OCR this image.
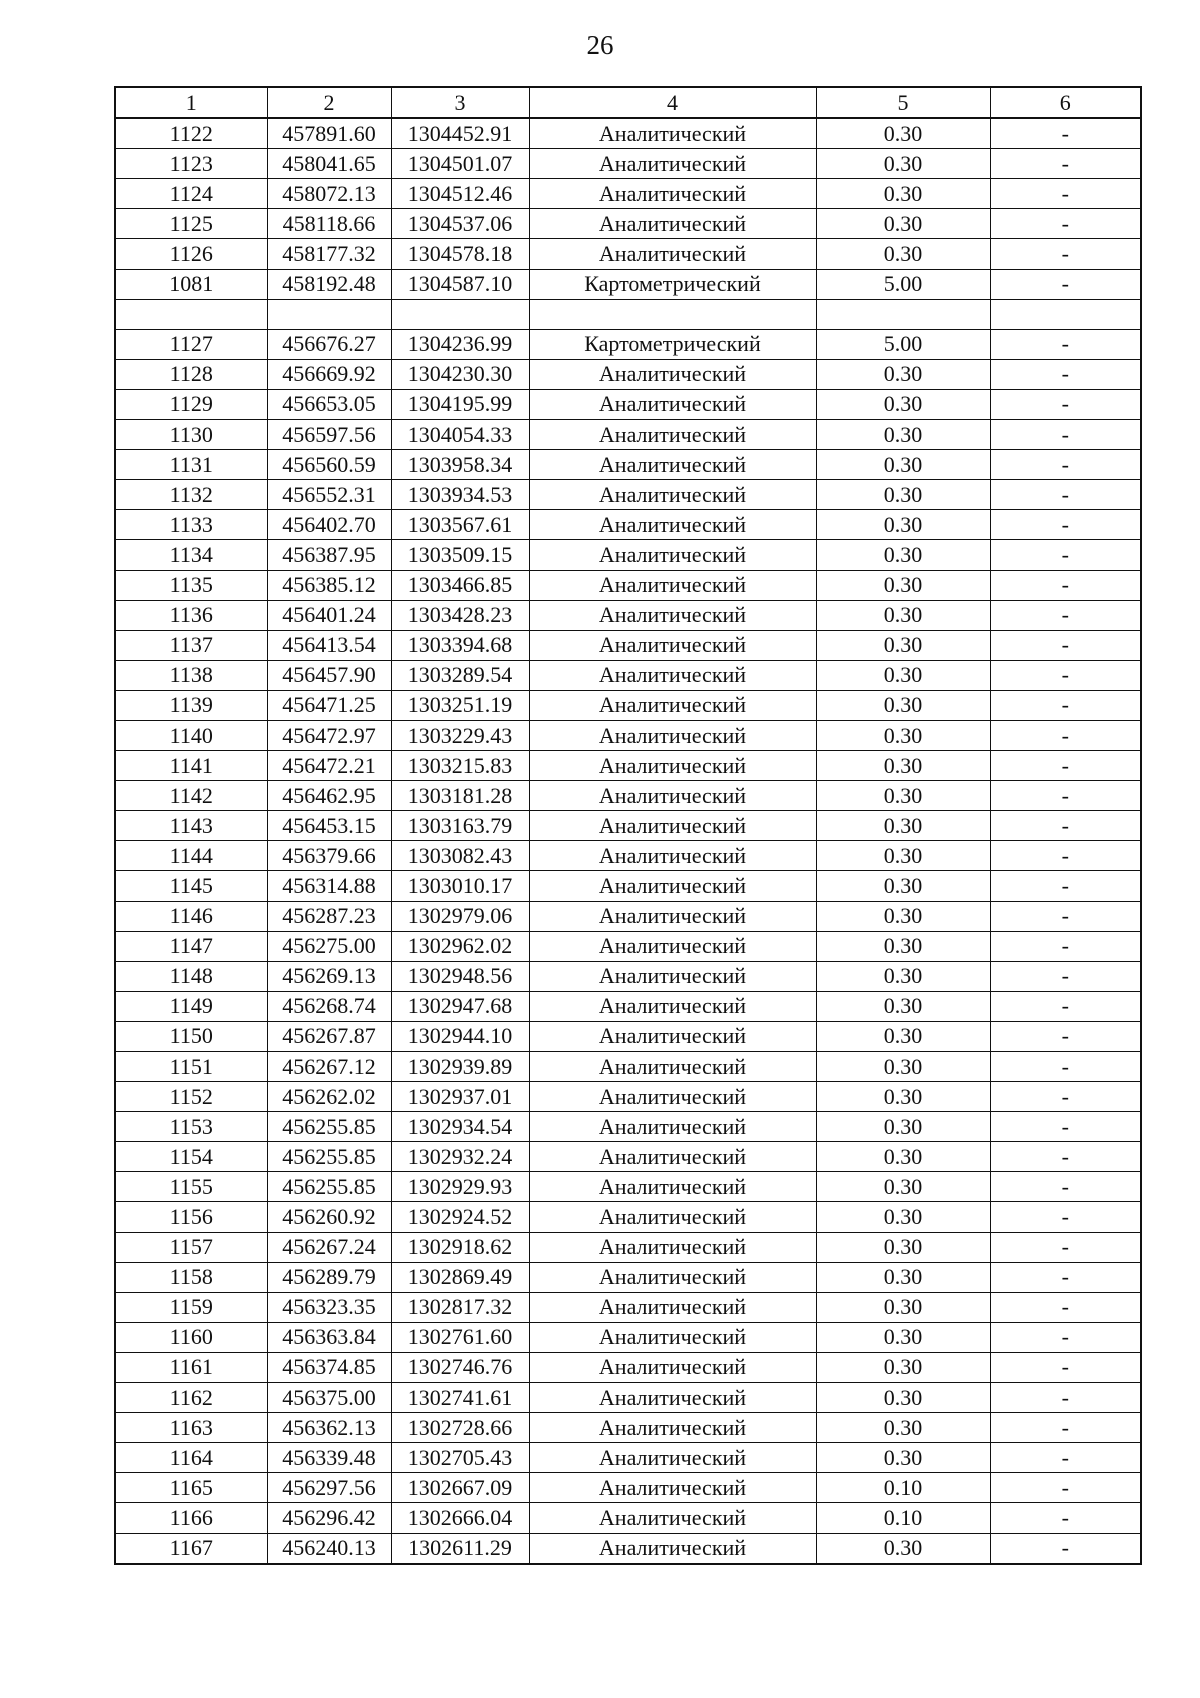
26
1	2	3	4	5	6
1122	457891.60	1304452.91	Аналитический	0.30	-
1123	458041.65	1304501.07	Аналитический	0.30	-
1124	458072.13	1304512.46	Аналитический	0.30	-
1125	458118.66	1304537.06	Аналитический	0.30	-
1126	458177.32	1304578.18	Аналитический	0.30	-
1081	458192.48	1304587.10	Картометрический	5.00	-

1127	456676.27	1304236.99	Картометрический	5.00	-
1128	456669.92	1304230.30	Аналитический	0.30	-
1129	456653.05	1304195.99	Аналитический	0.30	-
1130	456597.56	1304054.33	Аналитический	0.30	-
1131	456560.59	1303958.34	Аналитический	0.30	-
1132	456552.31	1303934.53	Аналитический	0.30	-
1133	456402.70	1303567.61	Аналитический	0.30	-
1134	456387.95	1303509.15	Аналитический	0.30	-
1135	456385.12	1303466.85	Аналитический	0.30	-
1136	456401.24	1303428.23	Аналитический	0.30	-
1137	456413.54	1303394.68	Аналитический	0.30	-
1138	456457.90	1303289.54	Аналитический	0.30	-
1139	456471.25	1303251.19	Аналитический	0.30	-
1140	456472.97	1303229.43	Аналитический	0.30	-
1141	456472.21	1303215.83	Аналитический	0.30	-
1142	456462.95	1303181.28	Аналитический	0.30	-
1143	456453.15	1303163.79	Аналитический	0.30	-
1144	456379.66	1303082.43	Аналитический	0.30	-
1145	456314.88	1303010.17	Аналитический	0.30	-
1146	456287.23	1302979.06	Аналитический	0.30	-
1147	456275.00	1302962.02	Аналитический	0.30	-
1148	456269.13	1302948.56	Аналитический	0.30	-
1149	456268.74	1302947.68	Аналитический	0.30	-
1150	456267.87	1302944.10	Аналитический	0.30	-
1151	456267.12	1302939.89	Аналитический	0.30	-
1152	456262.02	1302937.01	Аналитический	0.30	-
1153	456255.85	1302934.54	Аналитический	0.30	-
1154	456255.85	1302932.24	Аналитический	0.30	-
1155	456255.85	1302929.93	Аналитический	0.30	-
1156	456260.92	1302924.52	Аналитический	0.30	-
1157	456267.24	1302918.62	Аналитический	0.30	-
1158	456289.79	1302869.49	Аналитический	0.30	-
1159	456323.35	1302817.32	Аналитический	0.30	-
1160	456363.84	1302761.60	Аналитический	0.30	-
1161	456374.85	1302746.76	Аналитический	0.30	-
1162	456375.00	1302741.61	Аналитический	0.30	-
1163	456362.13	1302728.66	Аналитический	0.30	-
1164	456339.48	1302705.43	Аналитический	0.30	-
1165	456297.56	1302667.09	Аналитический	0.10	-
1166	456296.42	1302666.04	Аналитический	0.10	-
1167	456240.13	1302611.29	Аналитический	0.30	-
